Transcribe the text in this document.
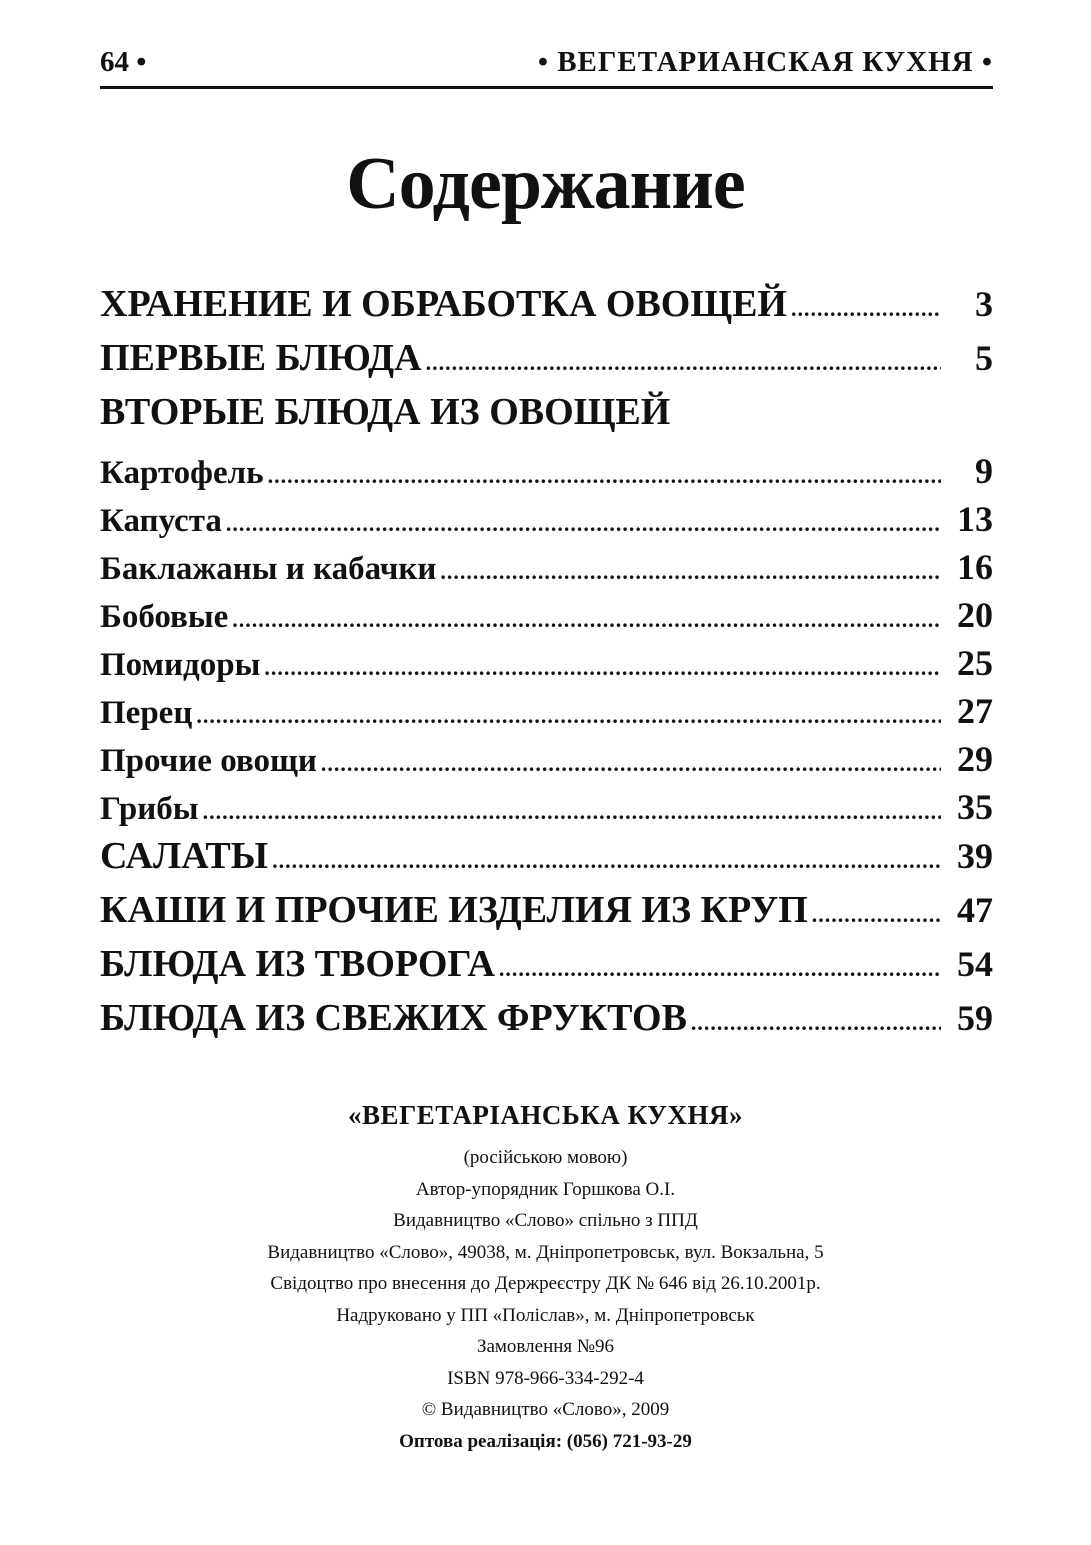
64 •	• ВЕГЕТАРИАНСКАЯ КУХНЯ •
Содержание
ХРАНЕНИЕ И ОБРАБОТКА ОВОЩЕЙ .....	3
ПЕРВЫЕ БЛЮДА .....	5
ВТОРЫЕ БЛЮДА ИЗ ОВОЩЕЙ
Картофель .....	9
Капуста .....	13
Баклажаны и кабачки .....	16
Бобовые .....	20
Помидоры .....	25
Перец .....	27
Прочие овощи .....	29
Грибы .....	35
САЛАТЫ .....	39
КАШИ И ПРОЧИЕ ИЗДЕЛИЯ ИЗ КРУП .....	47
БЛЮДА ИЗ ТВОРОГА .....	54
БЛЮДА ИЗ СВЕЖИХ ФРУКТОВ .....	59
«ВЕГЕТАРІАНСЬКА КУХНЯ»
(російською мовою)
Автор-упорядник Горшкова О.І.
Видавництво «Слово» спільно з ППД
Видавництво «Слово», 49038, м. Дніпропетровськ, вул. Вокзальна, 5
Свідоцтво про внесення до Держреєстру ДК № 646 від 26.10.2001р.
Надруковано у ПП «Поліслав», м. Дніпропетровськ
Замовлення №96
ISBN 978-966-334-292-4
© Видавництво «Слово», 2009
Оптова реалізація: (056) 721-93-29
